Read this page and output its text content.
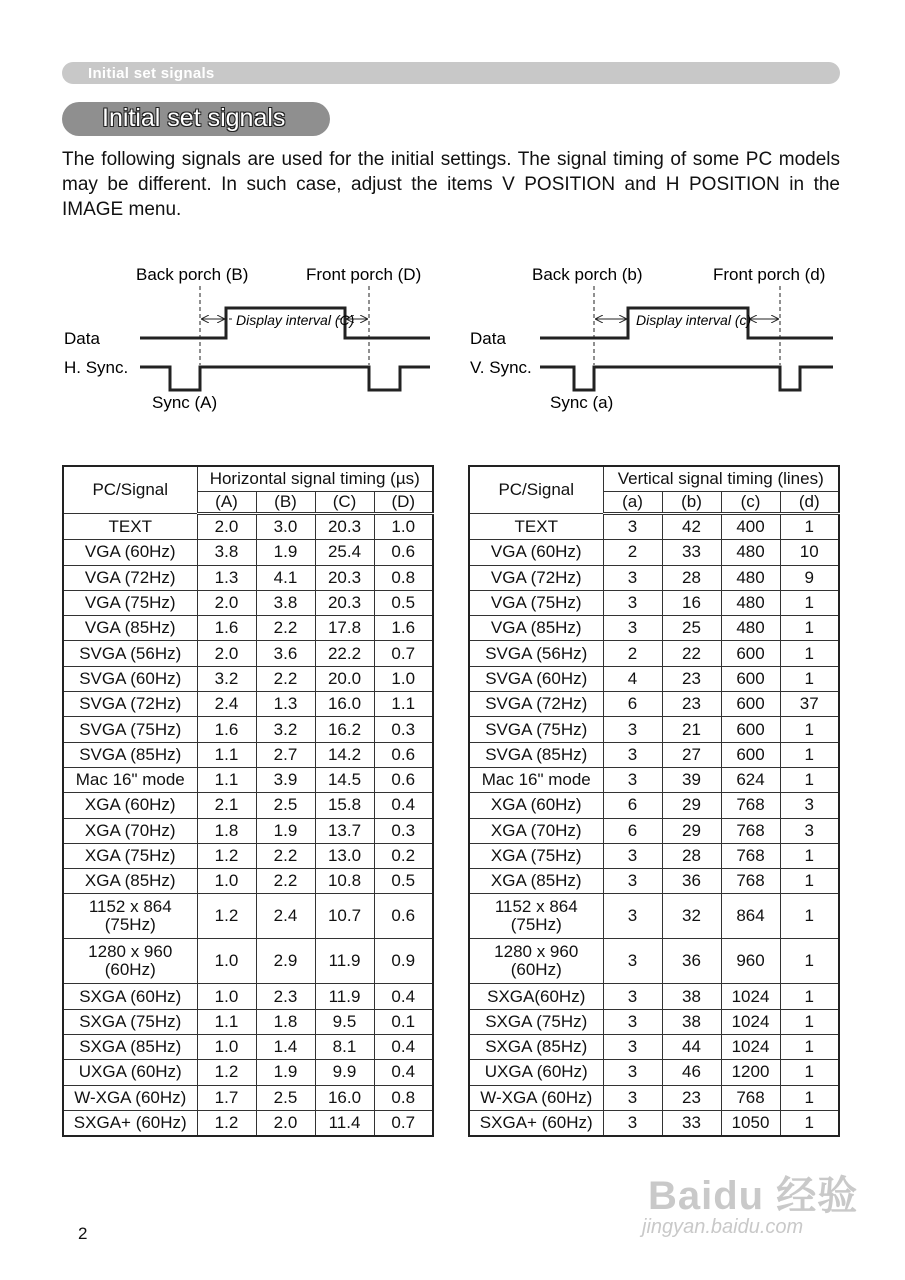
Initial set signals
Initial set signals

The following signals are used for the initial settings. The signal timing of some PC models may be different. In such case, adjust the items V POSITION and H POSITION in the IMAGE menu.

Back porch (B)	Front porch (D)
Data
H. Sync.
Sync (A)
Display interval (C)
Back porch (b)	Front porch (d)
Data
V. Sync.
Sync (a)
Display interval (c)
PC/Signal	Horizontal signal timing (µs)			
	(A)	(B)	(C)	(D)
TEXT	2.0	3.0	20.3	1.0
VGA (60Hz)	3.8	1.9	25.4	0.6
VGA (72Hz)	1.3	4.1	20.3	0.8
VGA (75Hz)	2.0	3.8	20.3	0.5
VGA (85Hz)	1.6	2.2	17.8	1.6
SVGA (56Hz)	2.0	3.6	22.2	0.7
SVGA (60Hz)	3.2	2.2	20.0	1.0
SVGA (72Hz)	2.4	1.3	16.0	1.1
SVGA (75Hz)	1.6	3.2	16.2	0.3
SVGA (85Hz)	1.1	2.7	14.2	0.6
Mac 16" mode	1.1	3.9	14.5	0.6
XGA (60Hz)	2.1	2.5	15.8	0.4
XGA (70Hz)	1.8	1.9	13.7	0.3
XGA (75Hz)	1.2	2.2	13.0	0.2
XGA (85Hz)	1.0	2.2	10.8	0.5
1152 x 864 (75Hz)	1.2	2.4	10.7	0.6
1280 x 960 (60Hz)	1.0	2.9	11.9	0.9
SXGA (60Hz)	1.0	2.3	11.9	0.4
SXGA (75Hz)	1.1	1.8	9.5	0.1
SXGA (85Hz)	1.0	1.4	8.1	0.4
UXGA (60Hz)	1.2	1.9	9.9	0.4
W-XGA (60Hz)	1.7	2.5	16.0	0.8
SXGA+ (60Hz)	1.2	2.0	11.4	0.7
PC/Signal	Vertical signal timing (lines)			
	(a)	(b)	(c)	(d)
TEXT	3	42	400	1
VGA (60Hz)	2	33	480	10
VGA (72Hz)	3	28	480	9
VGA (75Hz)	3	16	480	1
VGA (85Hz)	3	25	480	1
SVGA (56Hz)	2	22	600	1
SVGA (60Hz)	4	23	600	1
SVGA (72Hz)	6	23	600	37
SVGA (75Hz)	3	21	600	1
SVGA (85Hz)	3	27	600	1
Mac 16" mode	3	39	624	1
XGA (60Hz)	6	29	768	3
XGA (70Hz)	6	29	768	3
XGA (75Hz)	3	28	768	1
XGA (85Hz)	3	36	768	1
1152 x 864 (75Hz)	3	32	864	1
1280 x 960 (60Hz)	3	36	960	1
SXGA(60Hz)	3	38	1024	1
SXGA (75Hz)	3	38	1024	1
SXGA (85Hz)	3	44	1024	1
UXGA (60Hz)	3	46	1200	1
W-XGA (60Hz)	3	23	768	1
SXGA+ (60Hz)	3	33	1050	1
2
Baidu 经验
jingyan.baidu.com
